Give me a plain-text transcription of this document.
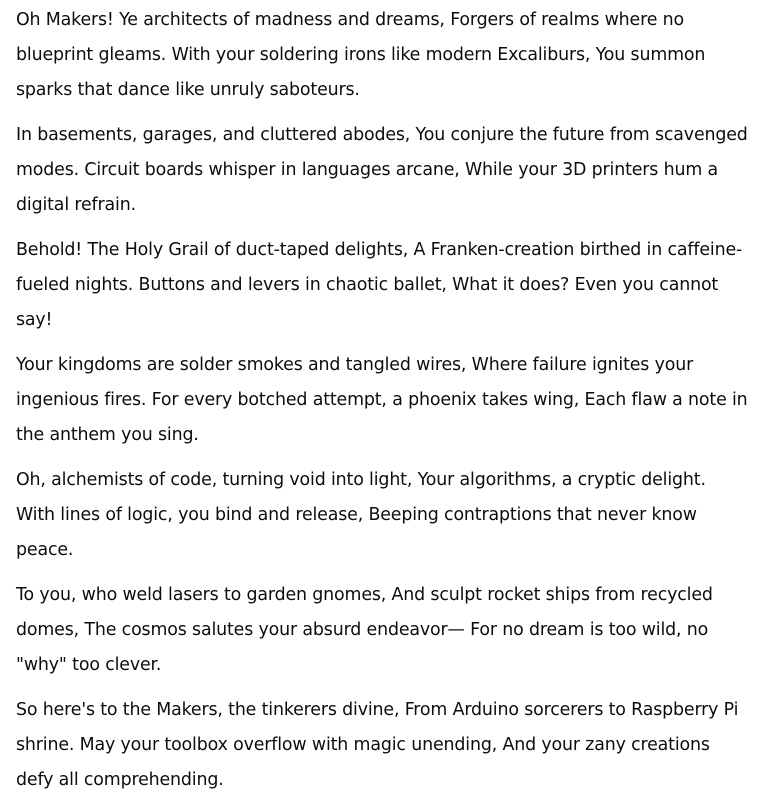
Oh Makers! Ye architects of madness and dreams, Forgers of realms where no blueprint gleams. With your soldering irons like modern Excaliburs, You summon sparks that dance like unruly saboteurs.

In basements, garages, and cluttered abodes, You conjure the future from scavenged modes. Circuit boards whisper in languages arcane, While your 3D printers hum a digital refrain.

Behold! The Holy Grail of duct-taped delights, A Franken-creation birthed in caffeine-fueled nights. Buttons and levers in chaotic ballet, What it does? Even you cannot say!

Your kingdoms are solder smokes and tangled wires, Where failure ignites your ingenious fires. For every botched attempt, a phoenix takes wing, Each flaw a note in the anthem you sing.

Oh, alchemists of code, turning void into light, Your algorithms, a cryptic delight. With lines of logic, you bind and release, Beeping contraptions that never know peace.

To you, who weld lasers to garden gnomes, And sculpt rocket ships from recycled domes, The cosmos salutes your absurd endeavor— For no dream is too wild, no "why" too clever.

So here's to the Makers, the tinkerers divine, From Arduino sorcerers to Raspberry Pi shrine. May your toolbox overflow with magic unending, And your zany creations defy all comprehending.
